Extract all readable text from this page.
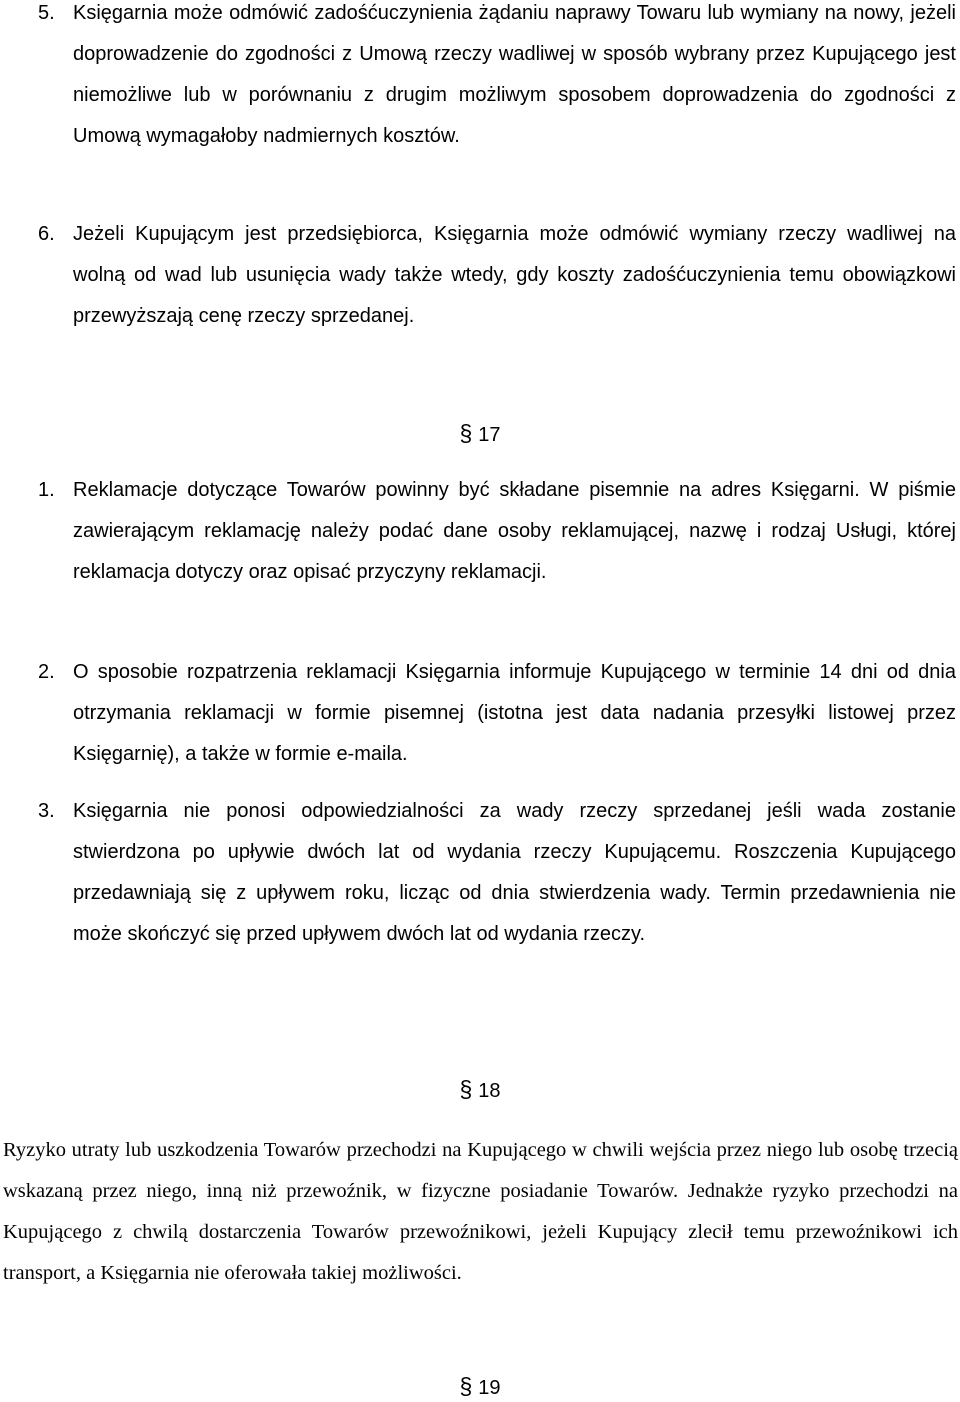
5. Księgarnia może odmówić zadośćuczynienia żądaniu naprawy Towaru lub wymiany na nowy, jeżeli doprowadzenie do zgodności z Umową rzeczy wadliwej w sposób wybrany przez Kupującego jest niemożliwe lub w porównaniu z drugim możliwym sposobem doprowadzenia do zgodności z Umową wymagałoby nadmiernych kosztów.
6. Jeżeli Kupującym jest przedsiębiorca, Księgarnia może odmówić wymiany rzeczy wadliwej na wolną od wad lub usunięcia wady także wtedy, gdy koszty zadośćuczynienia temu obowiązkowi przewyższają cenę rzeczy sprzedanej.
§ 17
1. Reklamacje dotyczące Towarów powinny być składane pisemnie na adres Księgarni. W piśmie zawierającym reklamację należy podać dane osoby reklamującej, nazwę i rodzaj Usługi, której reklamacja dotyczy oraz opisać przyczyny reklamacji.
2. O sposobie rozpatrzenia reklamacji Księgarnia informuje Kupującego w terminie 14 dni od dnia otrzymania reklamacji w formie pisemnej (istotna jest data nadania przesyłki listowej przez Księgarnię), a także w formie e-maila.
3. Księgarnia nie ponosi odpowiedzialności za wady rzeczy sprzedanej jeśli wada zostanie stwierdzona po upływie dwóch lat od wydania rzeczy Kupującemu. Roszczenia Kupującego przedawniają się z upływem roku, licząc od dnia stwierdzenia wady. Termin przedawnienia nie może skończyć się przed upływem dwóch lat od wydania rzeczy.
§ 18

Ryzyko utraty lub uszkodzenia Towarów przechodzi na Kupującego w chwili wejścia przez niego lub osobę trzecią wskazaną przez niego, inną niż przewoźnik, w fizyczne posiadanie Towarów. Jednakże ryzyko przechodzi na Kupującego z chwilą dostarczenia Towarów przewoźnikowi, jeżeli Kupujący zlecił temu przewoźnikowi ich transport, a Księgarnia nie oferowała takiej możliwości.

§ 19
